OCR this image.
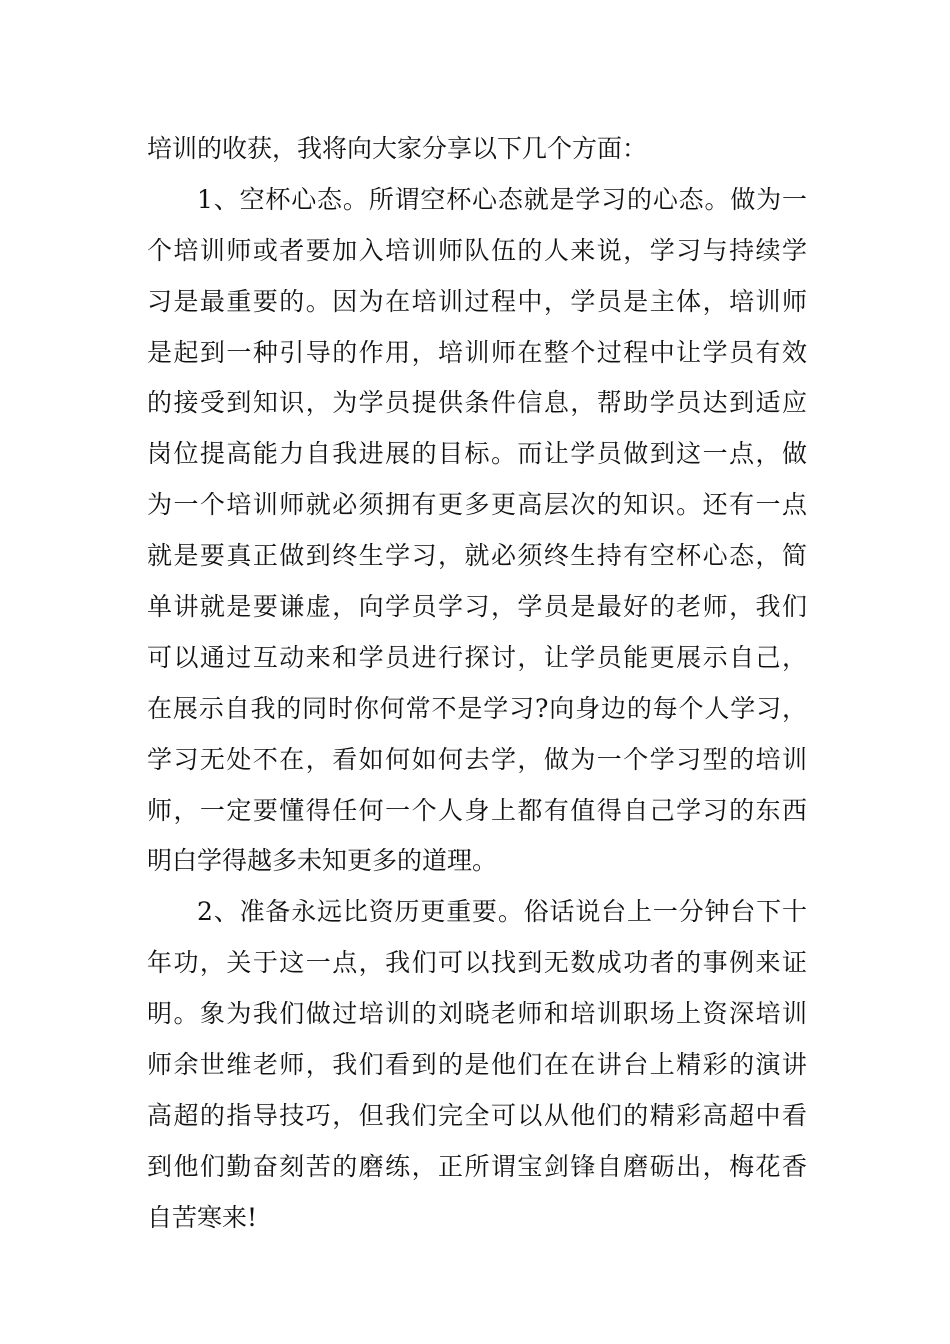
培训的收获，我将向大家分享以下几个方面：
1、空杯心态。所谓空杯心态就是学习的心态。做为一
个培训师或者要加入培训师队伍的人来说，学习与持续学
习是最重要的。因为在培训过程中，学员是主体，培训师
是起到一种引导的作用，培训师在整个过程中让学员有效
的接受到知识，为学员提供条件信息，帮助学员达到适应
岗位提高能力自我进展的目标。而让学员做到这一点，做
为一个培训师就必须拥有更多更高层次的知识。还有一点
就是要真正做到终生学习，就必须终生持有空杯心态，简
单讲就是要谦虚，向学员学习，学员是最好的老师，我们
可以通过互动来和学员进行探讨，让学员能更展示自己，
在展示自我的同时你何常不是学习?向身边的每个人学习，
学习无处不在，看如何如何去学，做为一个学习型的培训
师，一定要懂得任何一个人身上都有值得自己学习的东西
明白学得越多未知更多的道理。
2、准备永远比资历更重要。俗话说台上一分钟台下十
年功，关于这一点，我们可以找到无数成功者的事例来证
明。象为我们做过培训的刘晓老师和培训职场上资深培训
师余世维老师，我们看到的是他们在在讲台上精彩的演讲
高超的指导技巧，但我们完全可以从他们的精彩高超中看
到他们勤奋刻苦的磨练，正所谓宝剑锋自磨砺出，梅花香
自苦寒来!
